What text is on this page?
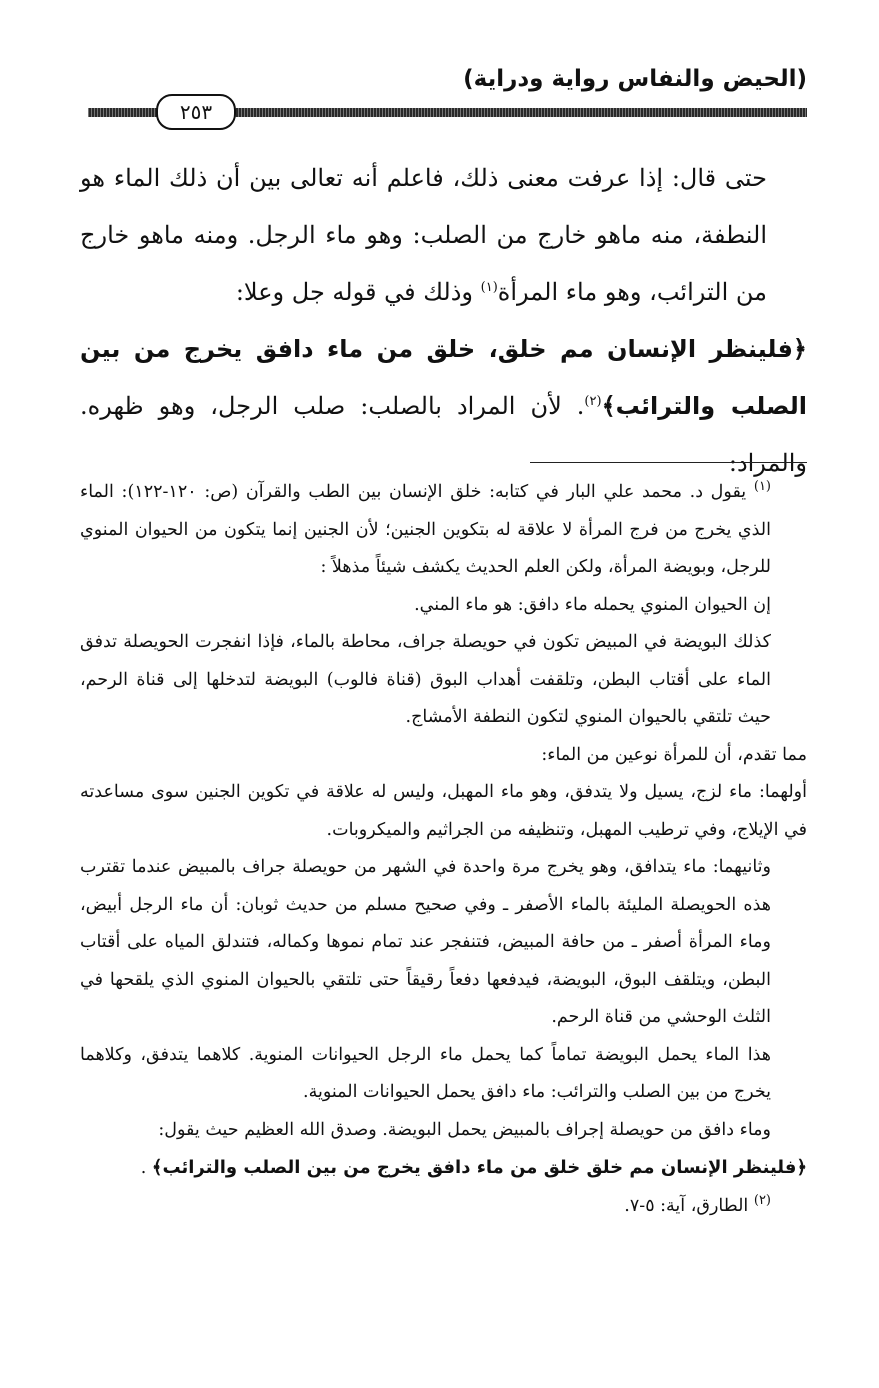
(الحيض والنفاس رواية ودراية)
٢٥٣

حتى قال: إذا عرفت معنى ذلك، فاعلم أنه تعالى بين أن ذلك الماء هو النطفة، منه ماهو خارج من الصلب: وهو ماء الرجل. ومنه ماهو خارج من الترائب، وهو ماء المرأة$^{(١)}$ وذلك في قوله جل وعلا:

﴿فلينظر الإنسان مم خلق، خلق من ماء دافق يخرج من بين الصلب والترائب﴾$^{(٢)}$. لأن المراد بالصلب: صلب الرجل، وهو ظهره. والمراد:

$^{(١)}$ يقول د. محمد علي البار في كتابه: خلق الإنسان بين الطب والقرآن (ص: ١٢٠-١٢٢): الماء الذي يخرج من فرج المرأة لا علاقة له بتكوين الجنين؛ لأن الجنين إنما يتكون من الحيوان المنوي للرجل، وبويضة المرأة، ولكن العلم الحديث يكشف شيئاً مذهلاً :

إن الحيوان المنوي يحمله ماء دافق: هو ماء المني.

كذلك البويضة في المبيض تكون في حويصلة جراف، محاطة بالماء، فإذا انفجرت الحويصلة تدفق الماء على أقتاب البطن، وتلقفت أهداب البوق (قناة فالوب) البويضة لتدخلها إلى قناة الرحم، حيث تلتقي بالحيوان المنوي لتكون النطفة الأمشاج.

مما تقدم، أن للمرأة نوعين من الماء:

أولهما: ماء لزج، يسيل ولا يتدفق، وهو ماء المهبل، وليس له علاقة في تكوين الجنين سوى مساعدته في الإيلاج، وفي ترطيب المهبل، وتنظيفه من الجراثيم والميكروبات.

وثانيهما: ماء يتدافق، وهو يخرج مرة واحدة في الشهر من حويصلة جراف بالمبيض عندما تقترب هذه الحويصلة المليئة بالماء الأصفر ـ وفي صحيح مسلم من حديث ثوبان: أن ماء الرجل أبيض، وماء المرأة أصفر ـ من حافة المبيض، فتنفجر عند تمام نموها وكماله، فتندلق المياه على أقتاب البطن، ويتلقف البوق، البويضة، فيدفعها دفعاً رقيقاً حتى تلتقي بالحيوان المنوي الذي يلقحها في الثلث الوحشي من قناة الرحم.

هذا الماء يحمل البويضة تماماً كما يحمل ماء الرجل الحيوانات المنوية. كلاهما يتدفق، وكلاهما يخرج من بين الصلب والترائب: ماء دافق يحمل الحيوانات المنوية.

وماء دافق من حويصلة إجراف بالمبيض يحمل البويضة. وصدق الله العظيم حيث يقول:

﴿فلينظر الإنسان مم خلق خلق من ماء دافق يخرج من بين الصلب والترائب﴾ .

$^{(٢)}$ الطارق، آية: ٥-٧.
